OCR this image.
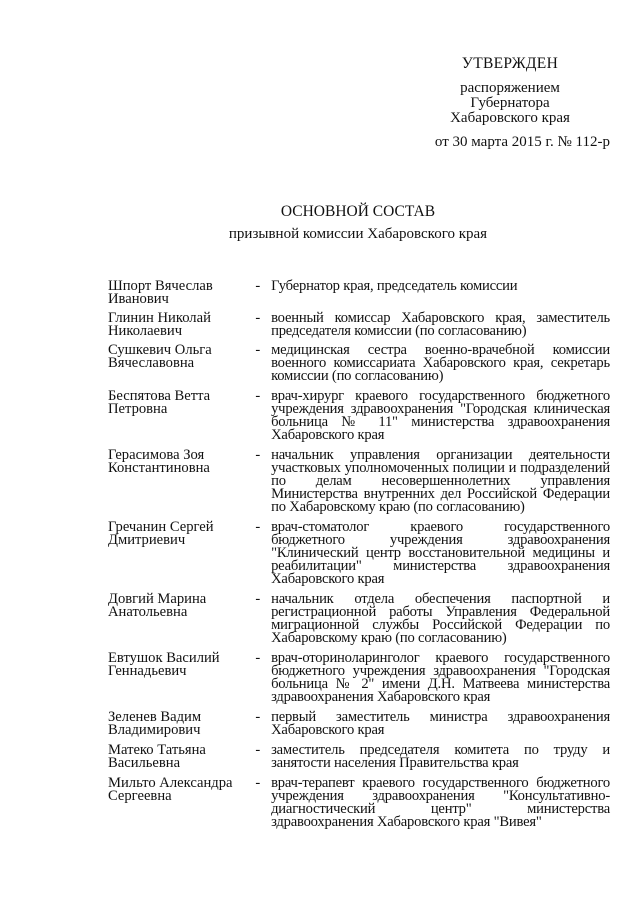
УТВЕРЖДЕН
распоряжением
Губернатора
Хабаровского края
от 30 марта 2015 г. № 112-р
ОСНОВНОЙ СОСТАВ
призывной комиссии Хабаровского края
Шпорт Вячеслав Иванович
- Губернатор края, председатель комиссии
Глинин Николай Николаевич
- военный комиссар Хабаровского края, заместитель председателя комиссии (по согласованию)
Сушкевич Ольга Вячеславовна
- медицинская сестра военно-врачебной комиссии военного комиссариата Хабаровского края, секретарь комиссии (по согласованию)
Беспятова Ветта Петровна
- врач-хирург краевого государственного бюджетного учреждения здравоохранения "Городская клиническая больница № 11" министерства здравоохранения Хабаровского края
Герасимова Зоя Константиновна
- начальник управления организации деятельности участковых уполномоченных полиции и подразделений по делам несовершеннолетних управления Министерства внутренних дел Российской Федерации по Хабаровскому краю (по согласованию)
Гречанин Сергей Дмитриевич
- врач-стоматолог краевого государственного бюджетного учреждения здравоохранения "Клинический центр восстановительной медицины и реабилитации" министерства здравоохранения Хабаровского края
Довгий Марина Анатольевна
- начальник отдела обеспечения паспортной и регистрационной работы Управления Федеральной миграционной службы Российской Федерации по Хабаровскому краю (по согласованию)
Евтушок Василий Геннадьевич
- врач-оториноларинголог краевого государственного бюджетного учреждения здравоохранения "Городская больница № 2" имени Д.Н. Матвеева министерства здравоохранения Хабаровского края
Зеленев Вадим Владимирович
- первый заместитель министра здравоохранения Хабаровского края
Матеко Татьяна Васильевна
- заместитель председателя комитета по труду и занятости населения Правительства края
Мильто Александра Сергеевна
- врач-терапевт краевого государственного бюджетного учреждения здравоохранения "Консультативно-диагностический центр" министерства здравоохранения Хабаровского края "Вивея"
